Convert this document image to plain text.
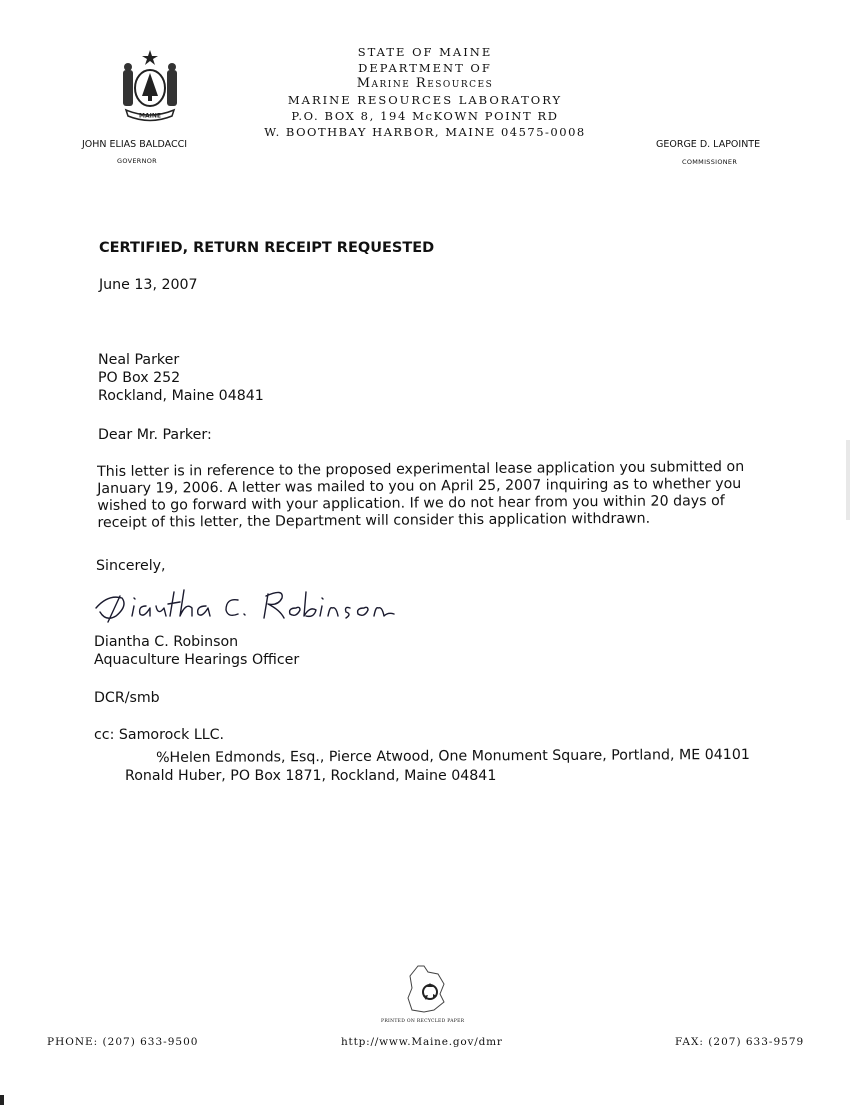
MAINE
STATE OF MAINE
DEPARTMENT OF
Marine Resources
MARINE RESOURCES LABORATORY
P.O. BOX 8, 194 McKOWN POINT RD
W. BOOTHBAY HARBOR, MAINE 04575-0008
JOHN ELIAS BALDACCI
GOVERNOR
GEORGE D. LAPOINTE
COMMISSIONER
CERTIFIED, RETURN RECEIPT REQUESTED
June 13, 2007
Neal Parker
PO Box 252
Rockland, Maine 04841
Dear Mr. Parker:
This letter is in reference to the proposed experimental lease application you submitted on
January 19, 2006. A letter was mailed to you on April 25, 2007 inquiring as to whether you
wished to go forward with your application. If we do not hear from you within 20 days of
receipt of this letter, the Department will consider this application withdrawn.
Sincerely,
Diantha C. Robinson
Aquaculture Hearings Officer
DCR/smb
cc: Samorock LLC.
%Helen Edmonds, Esq., Pierce Atwood, One Monument Square, Portland, ME 04101
Ronald Huber, PO Box 1871, Rockland, Maine 04841
PRINTED ON RECYCLED PAPER
PHONE: (207) 633-9500	http://www.Maine.gov/dmr	FAX: (207) 633-9579
